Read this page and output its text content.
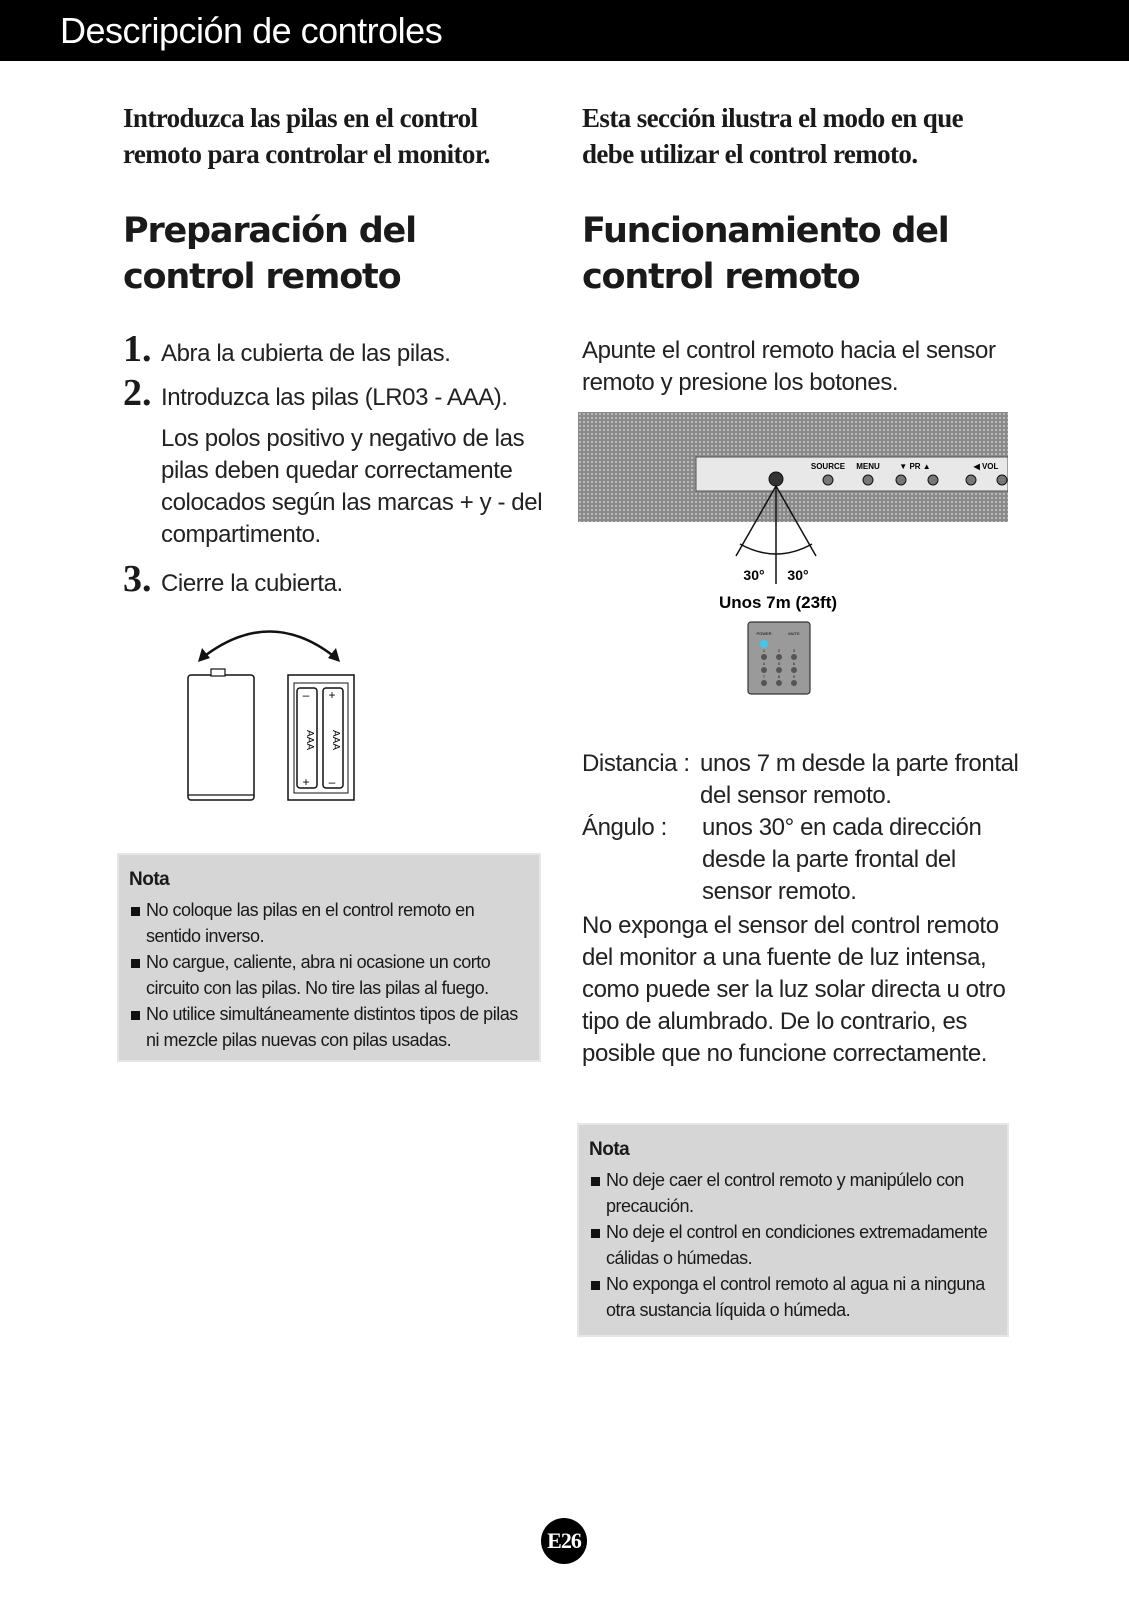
Descripción de controles

Introduzca las pilas en el control remoto para controlar el monitor.

Preparación del control remoto
1. Abra la cubierta de las pilas.
2. Introduzca las pilas (LR03 - AAA).
Los polos positivo y negativo de las pilas deben quedar correctamente colocados según las marcas + y - del compartimento.
3. Cierre la cubierta.
AAA AAA
+
–
–
+
Nota
No coloque las pilas en el control remoto en sentido inverso.
No cargue, caliente, abra ni ocasione un corto circuito con las pilas. No tire las pilas al fuego.
No utilice simultáneamente distintos tipos de pilas ni mezcle pilas nuevas con pilas usadas.

Esta sección ilustra el modo en que debe utilizar el control remoto.

Funcionamiento del control remoto
Apunte el control remoto hacia el sensor remoto y presione los botones.
SOURCE MENU ▼ PR ▲	◀ VOL
30° 30°
Unos 7m (23ft)
POWER	MUTE
1	2	3
4	5	6
7	8	9
Distancia : unos 7 m desde la parte frontal del sensor remoto.
Ángulo :	unos 30° en cada dirección desde la parte frontal del sensor remoto.
No exponga el sensor del control remoto del monitor a una fuente de luz intensa, como puede ser la luz solar directa u otro tipo de alumbrado. De lo contrario, es posible que no funcione correctamente.
Nota
No deje caer el control remoto y manipúlelo con precaución.
No deje el control en condiciones extremadamente cálidas o húmedas.
No exponga el control remoto al agua ni a ninguna otra sustancia líquida o húmeda.
E26
